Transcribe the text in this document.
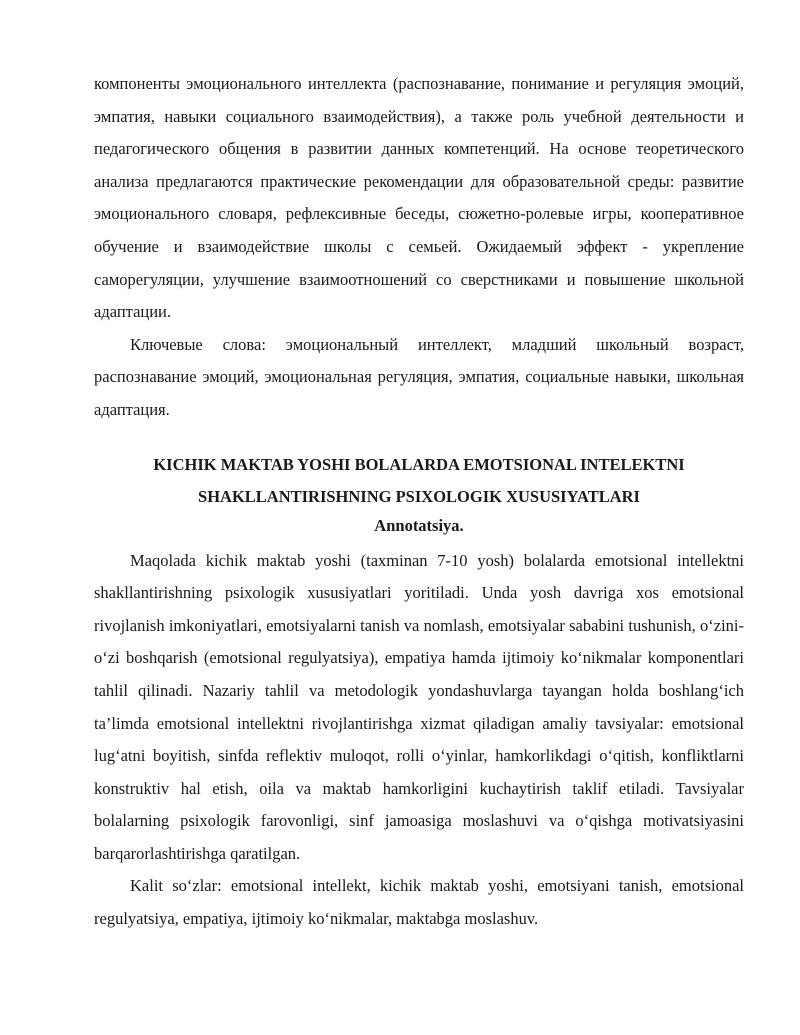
компоненты эмоционального интеллекта (распознавание, понимание и регуляция эмоций, эмпатия, навыки социального взаимодействия), а также роль учебной деятельности и педагогического общения в развитии данных компетенций. На основе теоретического анализа предлагаются практические рекомендации для образовательной среды: развитие эмоционального словаря, рефлексивные беседы, сюжетно-ролевые игры, кооперативное обучение и взаимодействие школы с семьей. Ожидаемый эффект - укрепление саморегуляции, улучшение взаимоотношений со сверстниками и повышение школьной адаптации.

Ключевые слова: эмоциональный интеллект, младший школьный возраст, распознавание эмоций, эмоциональная регуляция, эмпатия, социальные навыки, школьная адаптация.

KICHIK MAKTAB YOSHI BOLALARDA EMOTSIONAL INTELEKTNI

SHAKLLANTIRISHNING PSIXOLOGIK XUSUSIYATLARI

Annotatsiya.

Maqolada kichik maktab yoshi (taxminan 7-10 yosh) bolalarda emotsional intellektni shakllantirishning psixologik xususiyatlari yoritiladi. Unda yosh davriga xos emotsional rivojlanish imkoniyatlari, emotsiyalarni tanish va nomlash, emotsiyalar sababini tushunish, o‘zini-o‘zi boshqarish (emotsional regulyatsiya), empatiya hamda ijtimoiy ko‘nikmalar komponentlari tahlil qilinadi. Nazariy tahlil va metodologik yondashuvlarga tayangan holda boshlang‘ich ta’limda emotsional intellektni rivojlantirishga xizmat qiladigan amaliy tavsiyalar: emotsional lug‘atni boyitish, sinfda reflektiv muloqot, rolli o‘yinlar, hamkorlikdagi o‘qitish, konfliktlarni konstruktiv hal etish, oila va maktab hamkorligini kuchaytirish taklif etiladi. Tavsiyalar bolalarning psixologik farovonligi, sinf jamoasiga moslashuvi va o‘qishga motivatsiyasini barqarorlashtirishga qaratilgan.

Kalit so‘zlar: emotsional intellekt, kichik maktab yoshi, emotsiyani tanish, emotsional regulyatsiya, empatiya, ijtimoiy ko‘nikmalar, maktabga moslashuv.
